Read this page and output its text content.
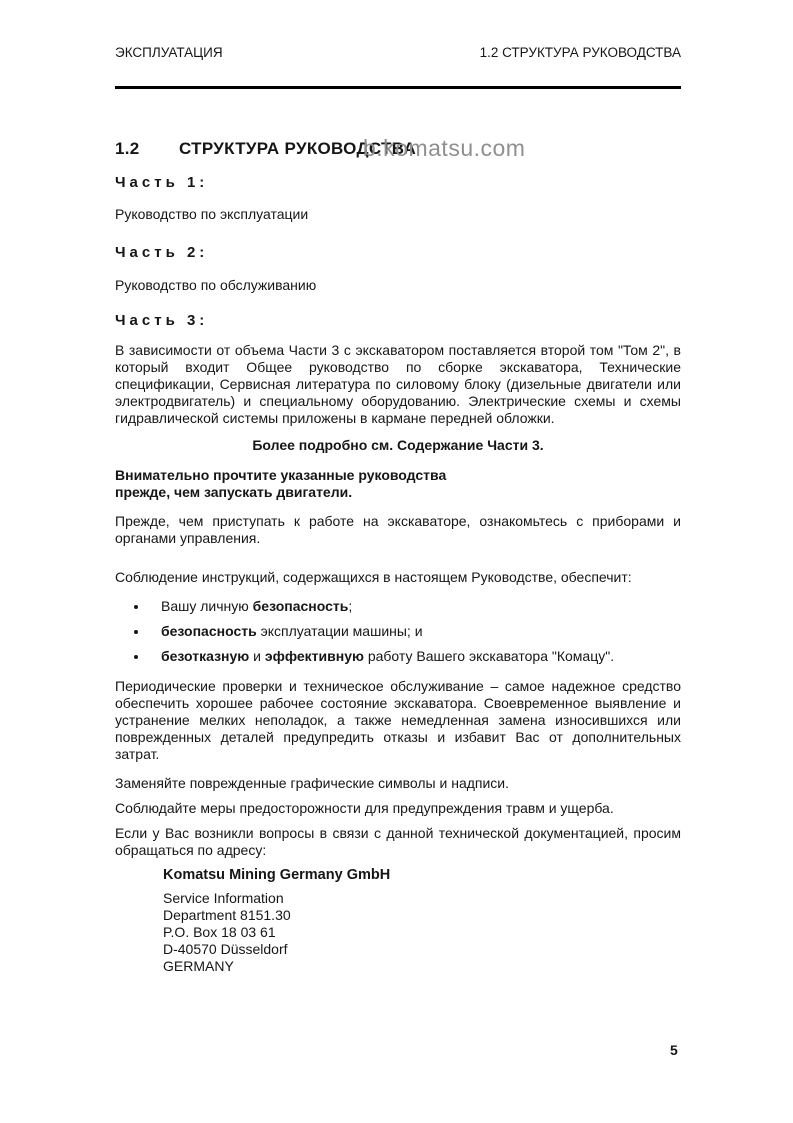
ЭКСПЛУАТАЦИЯ	1.2 СТРУКТУРА РУКОВОДСТВА
1.2 СТРУКТУРА РУКОВОДСТВА
b.komatsu.com
Часть 1:
Руководство по эксплуатации
Часть 2:
Руководство по обслуживанию
Часть 3:
В зависимости от объема Части 3 с экскаватором поставляется второй том "Том 2", в который входит Общее руководство по сборке экскаватора, Технические спецификации, Сервисная литература по силовому блоку (дизельные двигатели или электродвигатель) и специальному оборудованию. Электрические схемы и схемы гидравлической системы приложены в кармане передней обложки.
Более подробно см. Содержание Части 3.
Внимательно прочтите указанные руководства
прежде, чем запускать двигатели.
Прежде, чем приступать к работе на экскаваторе, ознакомьтесь с приборами и органами управления.
Соблюдение инструкций, содержащихся в настоящем Руководстве, обеспечит:
• Вашу личную безопасность;
• безопасность эксплуатации машины; и
• безотказную и эффективную работу Вашего экскаватора "Комацу".
Периодические проверки и техническое обслуживание – самое надежное средство обеспечить хорошее рабочее состояние экскаватора. Своевременное выявление и устранение мелких неполадок, а также немедленная замена износившихся или поврежденных деталей предупредить отказы и избавит Вас от дополнительных затрат.
Заменяйте поврежденные графические символы и надписи.
Соблюдайте меры предосторожности для предупреждения травм и ущерба.
Если у Вас возникли вопросы в связи с данной технической документацией, просим обращаться по адресу:
Komatsu Mining Germany GmbH
Service Information
Department 8151.30
P.O. Box 18 03 61
D-40570 Düsseldorf
GERMANY
5
